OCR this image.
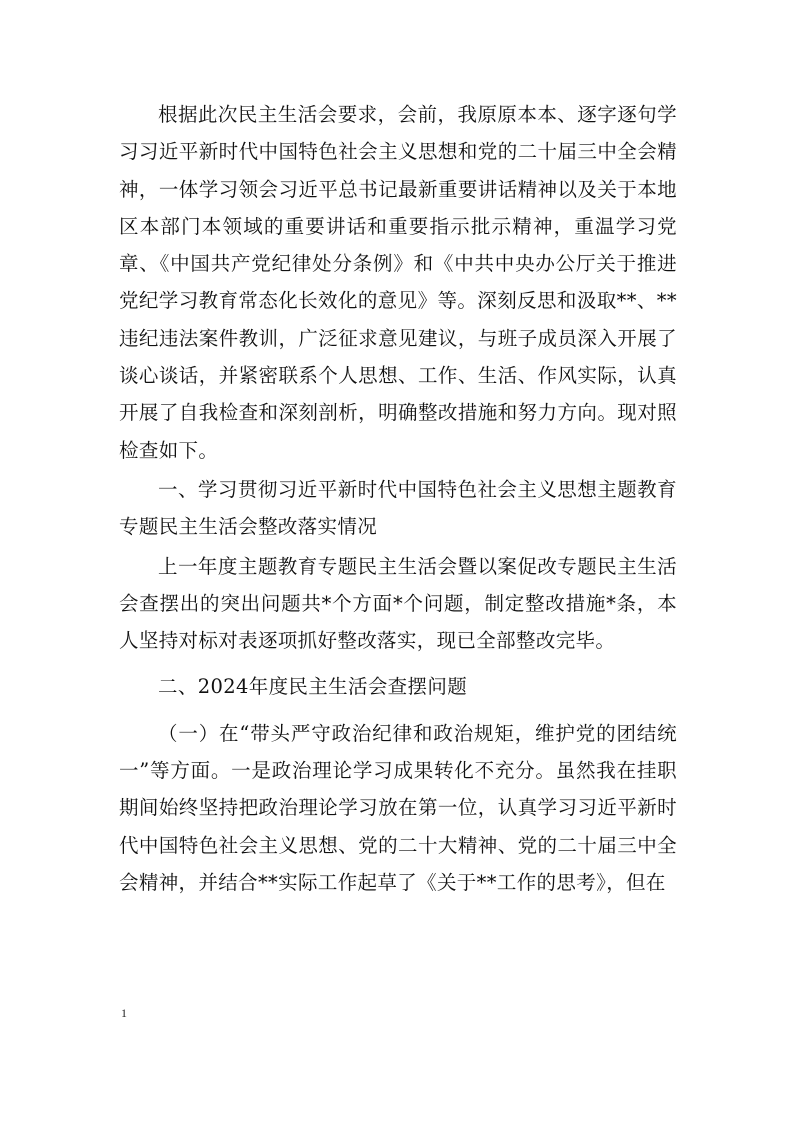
根据此次民主生活会要求，会前，我原原本本、逐字逐句学习习近平新时代中国特色社会主义思想和党的二十届三中全会精神，一体学习领会习近平总书记最新重要讲话精神以及关于本地区本部门本领域的重要讲话和重要指示批示精神，重温学习党章、《中国共产党纪律处分条例》和《中共中央办公厅关于推进党纪学习教育常态化长效化的意见》等。深刻反思和汲取**、**违纪违法案件教训，广泛征求意见建议，与班子成员深入开展了谈心谈话，并紧密联系个人思想、工作、生活、作风实际，认真开展了自我检查和深刻剖析，明确整改措施和努力方向。现对照检查如下。

一、学习贯彻习近平新时代中国特色社会主义思想主题教育专题民主生活会整改落实情况

上一年度主题教育专题民主生活会暨以案促改专题民主生活会查摆出的突出问题共*个方面*个问题，制定整改措施*条，本人坚持对标对表逐项抓好整改落实，现已全部整改完毕。

二、2024年度民主生活会查摆问题

（一）在“带头严守政治纪律和政治规矩，维护党的团结统一”等方面。一是政治理论学习成果转化不充分。虽然我在挂职期间始终坚持把政治理论学习放在第一位，认真学习习近平新时代中国特色社会主义思想、党的二十大精神、党的二十届三中全会精神，并结合**实际工作起草了《关于**工作的思考》，但在

1
